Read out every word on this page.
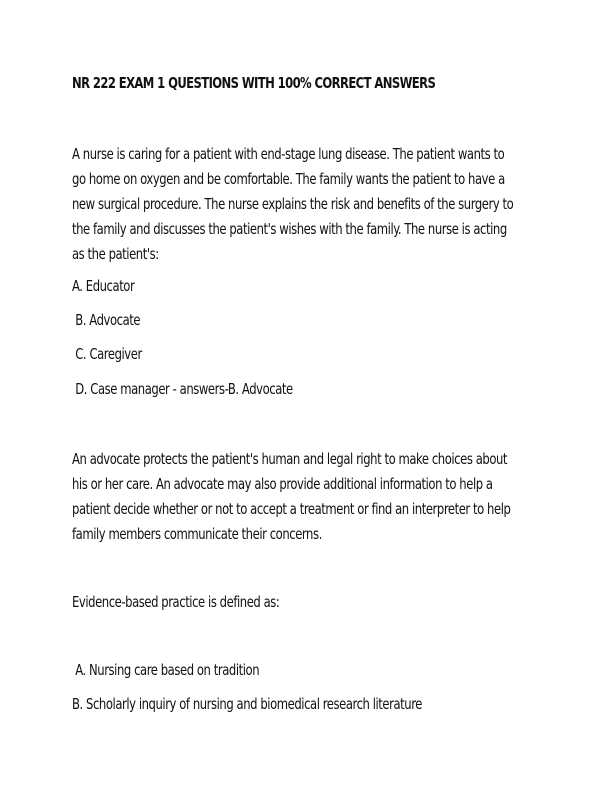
NR 222 EXAM 1 QUESTIONS WITH 100% CORRECT ANSWERS
A nurse is caring for a patient with end-stage lung disease. The patient wants to
go home on oxygen and be comfortable. The family wants the patient to have a
new surgical procedure. The nurse explains the risk and benefits of the surgery to
the family and discusses the patient's wishes with the family. The nurse is acting
as the patient's:
A. Educator
B. Advocate
C. Caregiver
D. Case manager - answers-B. Advocate
An advocate protects the patient's human and legal right to make choices about
his or her care. An advocate may also provide additional information to help a
patient decide whether or not to accept a treatment or find an interpreter to help
family members communicate their concerns.
Evidence-based practice is defined as:
A. Nursing care based on tradition
B. Scholarly inquiry of nursing and biomedical research literature
